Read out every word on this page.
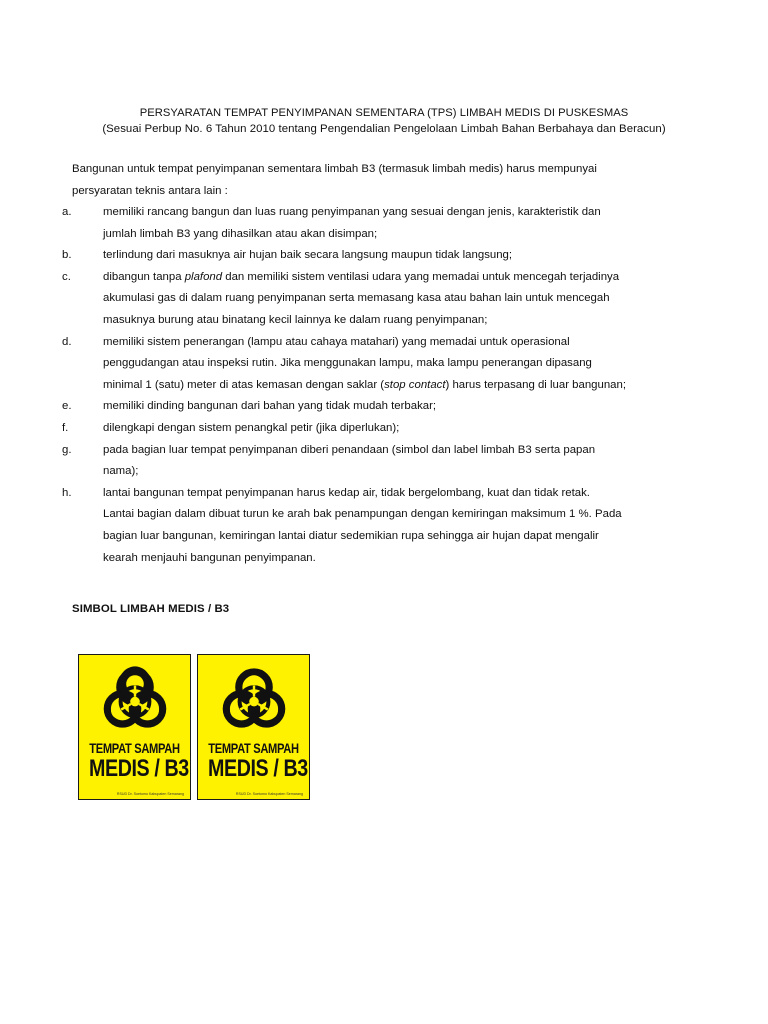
PERSYARATAN TEMPAT PENYIMPANAN SEMENTARA (TPS) LIMBAH MEDIS DI PUSKESMAS
(Sesuai Perbup No. 6 Tahun 2010 tentang Pengendalian Pengelolaan Limbah Bahan Berbahaya dan Beracun)
Bangunan untuk tempat penyimpanan sementara limbah B3 (termasuk limbah medis) harus mempunyai
persyaratan teknis antara lain :
a.	memiliki rancang bangun dan luas ruang penyimpanan yang sesuai dengan jenis, karakteristik dan
jumlah limbah B3 yang dihasilkan atau akan disimpan;
b.	terlindung dari masuknya air hujan baik secara langsung maupun tidak langsung;
c.	dibangun tanpa plafond dan memiliki sistem ventilasi udara yang memadai untuk mencegah terjadinya
akumulasi gas di dalam ruang penyimpanan serta memasang kasa atau bahan lain untuk mencegah
masuknya burung atau binatang kecil lainnya ke dalam ruang penyimpanan;
d.	memiliki sistem penerangan (lampu atau cahaya matahari) yang memadai untuk operasional
penggudangan atau inspeksi rutin. Jika menggunakan lampu, maka lampu penerangan dipasang
minimal 1 (satu) meter di atas kemasan dengan saklar (stop contact) harus terpasang di luar bangunan;
e.	memiliki dinding bangunan dari bahan yang tidak mudah terbakar;
f.	dilengkapi dengan sistem penangkal petir (jika diperlukan);
g.	pada bagian luar tempat penyimpanan diberi penandaan (simbol dan label limbah B3 serta papan
nama);
h.	lantai bangunan tempat penyimpanan harus kedap air, tidak bergelombang, kuat dan tidak retak.
Lantai bagian dalam dibuat turun ke arah bak penampungan dengan kemiringan maksimum 1 %. Pada
bagian luar bangunan, kemiringan lantai diatur sedemikian rupa sehingga air hujan dapat mengalir
kearah menjauhi bangunan penyimpanan.
SIMBOL LIMBAH MEDIS / B3
TEMPAT SAMPAH
MEDIS / B3
RSUD Dr. Soetomo Kabupaten Semarang
TEMPAT SAMPAH
MEDIS / B3
RSUD Dr. Soetomo Kabupaten Semarang
